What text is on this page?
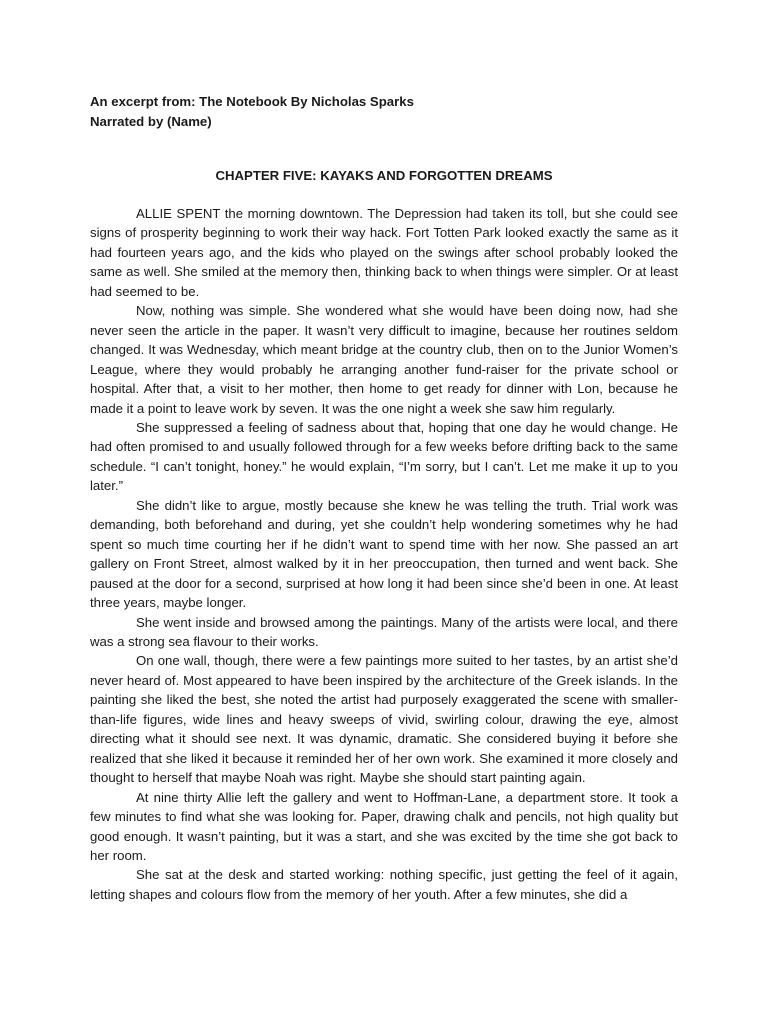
An excerpt from: The Notebook By Nicholas Sparks

Narrated by (Name)

CHAPTER FIVE: KAYAKS AND FORGOTTEN DREAMS

ALLIE SPENT the morning downtown. The Depression had taken its toll, but she could see signs of prosperity beginning to work their way hack. Fort Totten Park looked exactly the same as it had fourteen years ago, and the kids who played on the swings after school probably looked the same as well. She smiled at the memory then, thinking back to when things were simpler. Or at least had seemed to be.

Now, nothing was simple. She wondered what she would have been doing now, had she never seen the article in the paper. It wasn’t very difficult to imagine, because her routines seldom changed. It was Wednesday, which meant bridge at the country club, then on to the Junior Women’s League, where they would probably he arranging another fund-raiser for the private school or hospital. After that, a visit to her mother, then home to get ready for dinner with Lon, because he made it a point to leave work by seven. It was the one night a week she saw him regularly.

She suppressed a feeling of sadness about that, hoping that one day he would change. He had often promised to and usually followed through for a few weeks before drifting back to the same schedule. “I can’t tonight, honey.” he would explain, “I’m sorry, but I can’t. Let me make it up to you later.”

She didn’t like to argue, mostly because she knew he was telling the truth. Trial work was demanding, both beforehand and during, yet she couldn’t help wondering sometimes why he had spent so much time courting her if he didn’t want to spend time with her now. She passed an art gallery on Front Street, almost walked by it in her preoccupation, then turned and went back. She paused at the door for a second, surprised at how long it had been since she’d been in one. At least three years, maybe longer.

She went inside and browsed among the paintings. Many of the artists were local, and there was a strong sea flavour to their works.

On one wall, though, there were a few paintings more suited to her tastes, by an artist she’d never heard of. Most appeared to have been inspired by the architecture of the Greek islands. In the painting she liked the best, she noted the artist had purposely exaggerated the scene with smaller-than-life figures, wide lines and heavy sweeps of vivid, swirling colour, drawing the eye, almost directing what it should see next. It was dynamic, dramatic. She considered buying it before she realized that she liked it because it reminded her of her own work. She examined it more closely and thought to herself that maybe Noah was right. Maybe she should start painting again.

At nine thirty Allie left the gallery and went to Hoffman-Lane, a department store. It took a few minutes to find what she was looking for. Paper, drawing chalk and pencils, not high quality but good enough. It wasn’t painting, but it was a start, and she was excited by the time she got back to her room.

She sat at the desk and started working: nothing specific, just getting the feel of it again, letting shapes and colours flow from the memory of her youth. After a few minutes, she did a
